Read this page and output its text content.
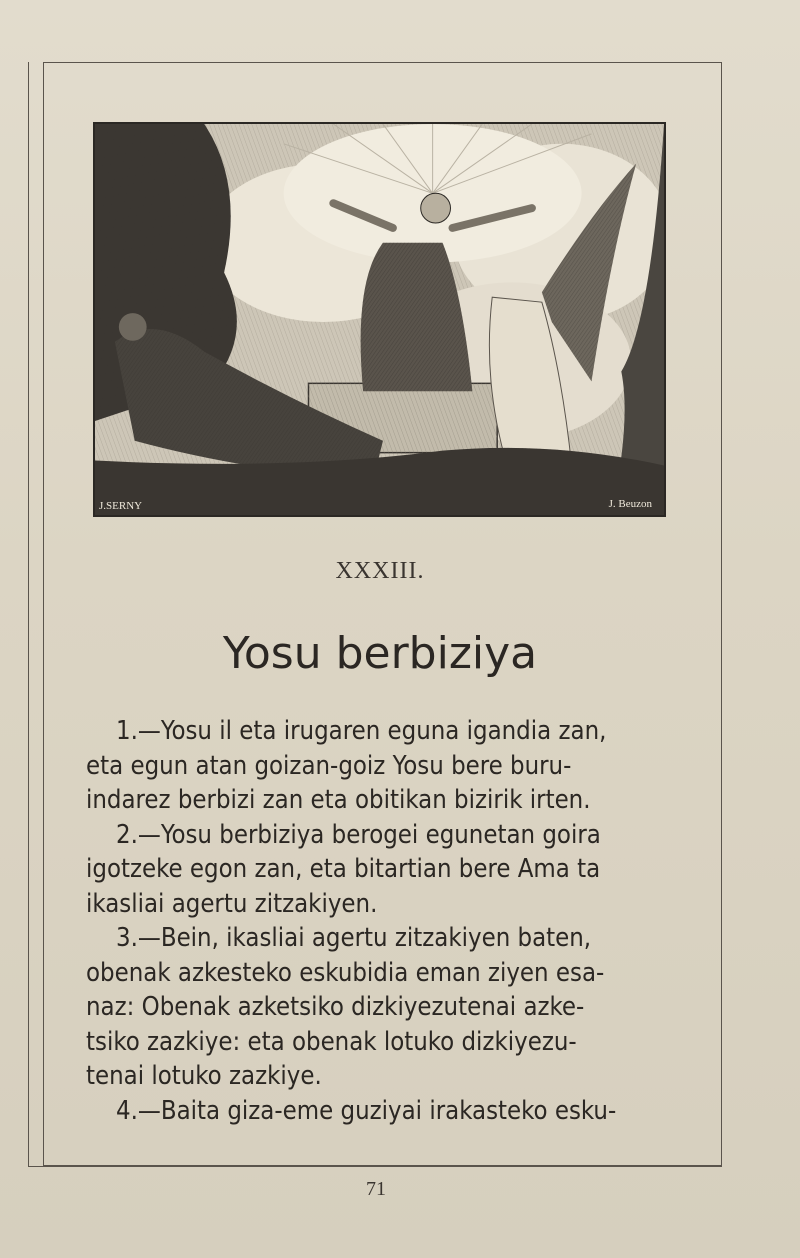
J.SERNY	J. Beuzon
XXXIII.
Yosu berbiziya
1.—Yosu il eta irugaren eguna igandia zan,
eta egun atan goizan-goiz Yosu bere buru-
indarez berbizi zan eta obitikan bizirik irten.
2.—Yosu berbiziya berogei egunetan goira
igotzeke egon zan, eta bitartian bere Ama ta
ikasliai agertu zitzakiyen.
3.—Bein, ikasliai agertu zitzakiyen baten,
obenak azkesteko eskubidia eman ziyen esa-
naz: Obenak azketsiko dizkiyezutenai azke-
tsiko zazkiye: eta obenak lotuko dizkiyezu-
tenai lotuko zazkiye.
4.—Baita giza-eme guziyai irakasteko esku-
71
